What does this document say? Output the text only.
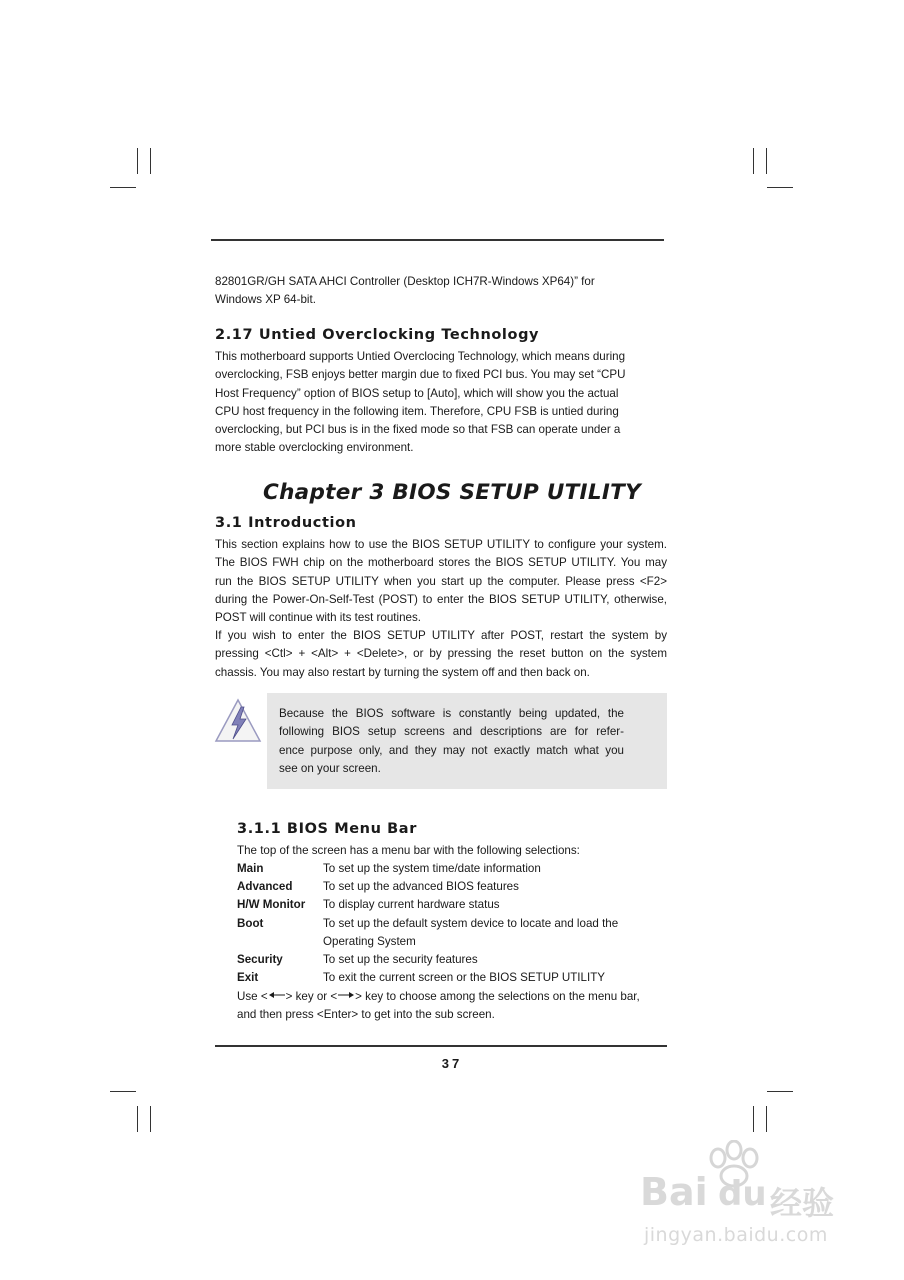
82801GR/GH SATA AHCI Controller (Desktop ICH7R-Windows XP64)” for
Windows XP 64-bit.
2.17 Untied Overclocking Technology
This motherboard supports Untied Overclocing Technology, which means during
overclocking, FSB enjoys better margin due to fixed PCI bus. You may set “CPU
Host Frequency” option of BIOS setup to [Auto], which will show you the actual
CPU host frequency in the following item. Therefore, CPU FSB is untied during
overclocking, but PCI bus is in the fixed mode so that FSB can operate under a
more stable overclocking environment.
Chapter 3 BIOS SETUP UTILITY
3.1 Introduction
This section explains how to use the BIOS SETUP UTILITY to configure your system.
The BIOS FWH chip on the motherboard stores the BIOS SETUP UTILITY. You may
run the BIOS SETUP UTILITY when you start up the computer. Please press <F2>
during the Power-On-Self-Test (POST) to enter the BIOS SETUP UTILITY, otherwise,
POST will continue with its test routines.
If you wish to enter the BIOS SETUP UTILITY after POST, restart the system by
pressing <Ctl> + <Alt> + <Delete>, or by pressing the reset button on the system
chassis. You may also restart by turning the system off and then back on.
Because the BIOS software is constantly being updated, the
following BIOS setup screens and descriptions are for refer-
ence purpose only, and they may not exactly match what you
see on your screen.
3.1.1 BIOS Menu Bar
The top of the screen has a menu bar with the following selections:
Main	To set up the system time/date information
Advanced	To set up the advanced BIOS features
H/W Monitor To display current hardware status
Boot	To set up the default system device to locate and load the
Operating System
Security	To set up the security features
Exit	To exit the current screen or the BIOS SETUP UTILITY
Use < > key or < > key to choose among the selections on the menu bar,
and then press <Enter> to get into the sub screen.
37
Bai du 经验
jingyan.baidu.com
